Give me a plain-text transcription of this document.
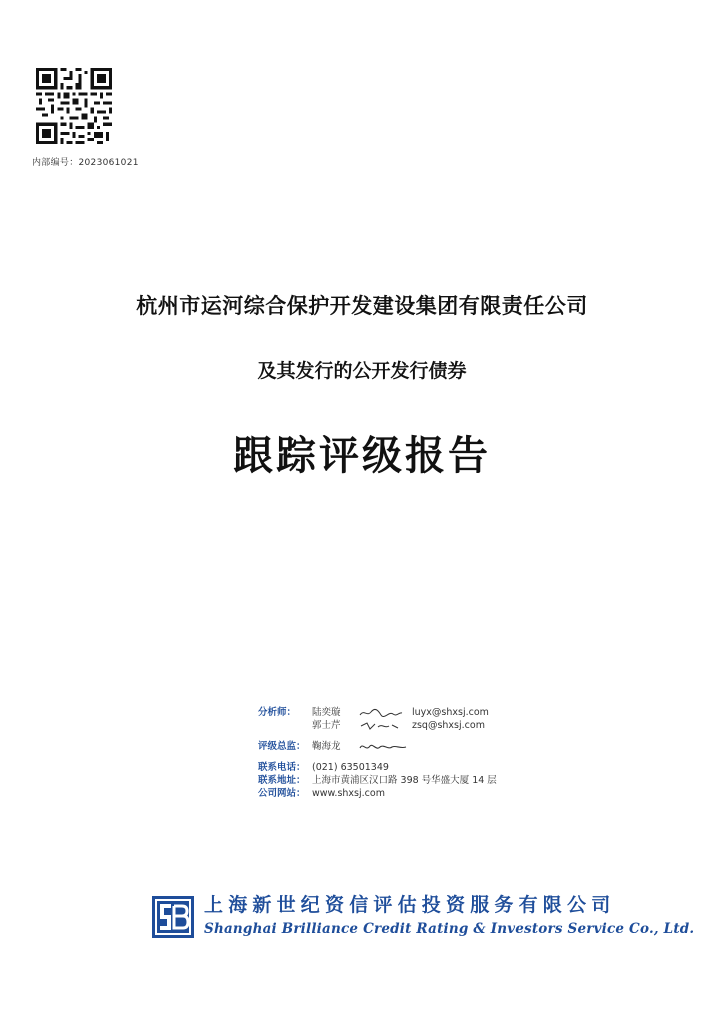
内部编号：2023061021
杭州市运河综合保护开发建设集团有限责任公司
及其发行的公开发行债券
跟踪评级报告
分析师： 陆奕璇	luyx@shxsj.com
郭士芹	zsq@shxsj.com
评级总监： 鞠海龙
联系电话： (021) 63501349
联系地址： 上海市黄浦区汉口路 398 号华盛大厦 14 层
公司网站： www.shxsj.com
上海新世纪资信评估投资服务有限公司
Shanghai Brilliance Credit Rating & Investors Service Co., Ltd.
